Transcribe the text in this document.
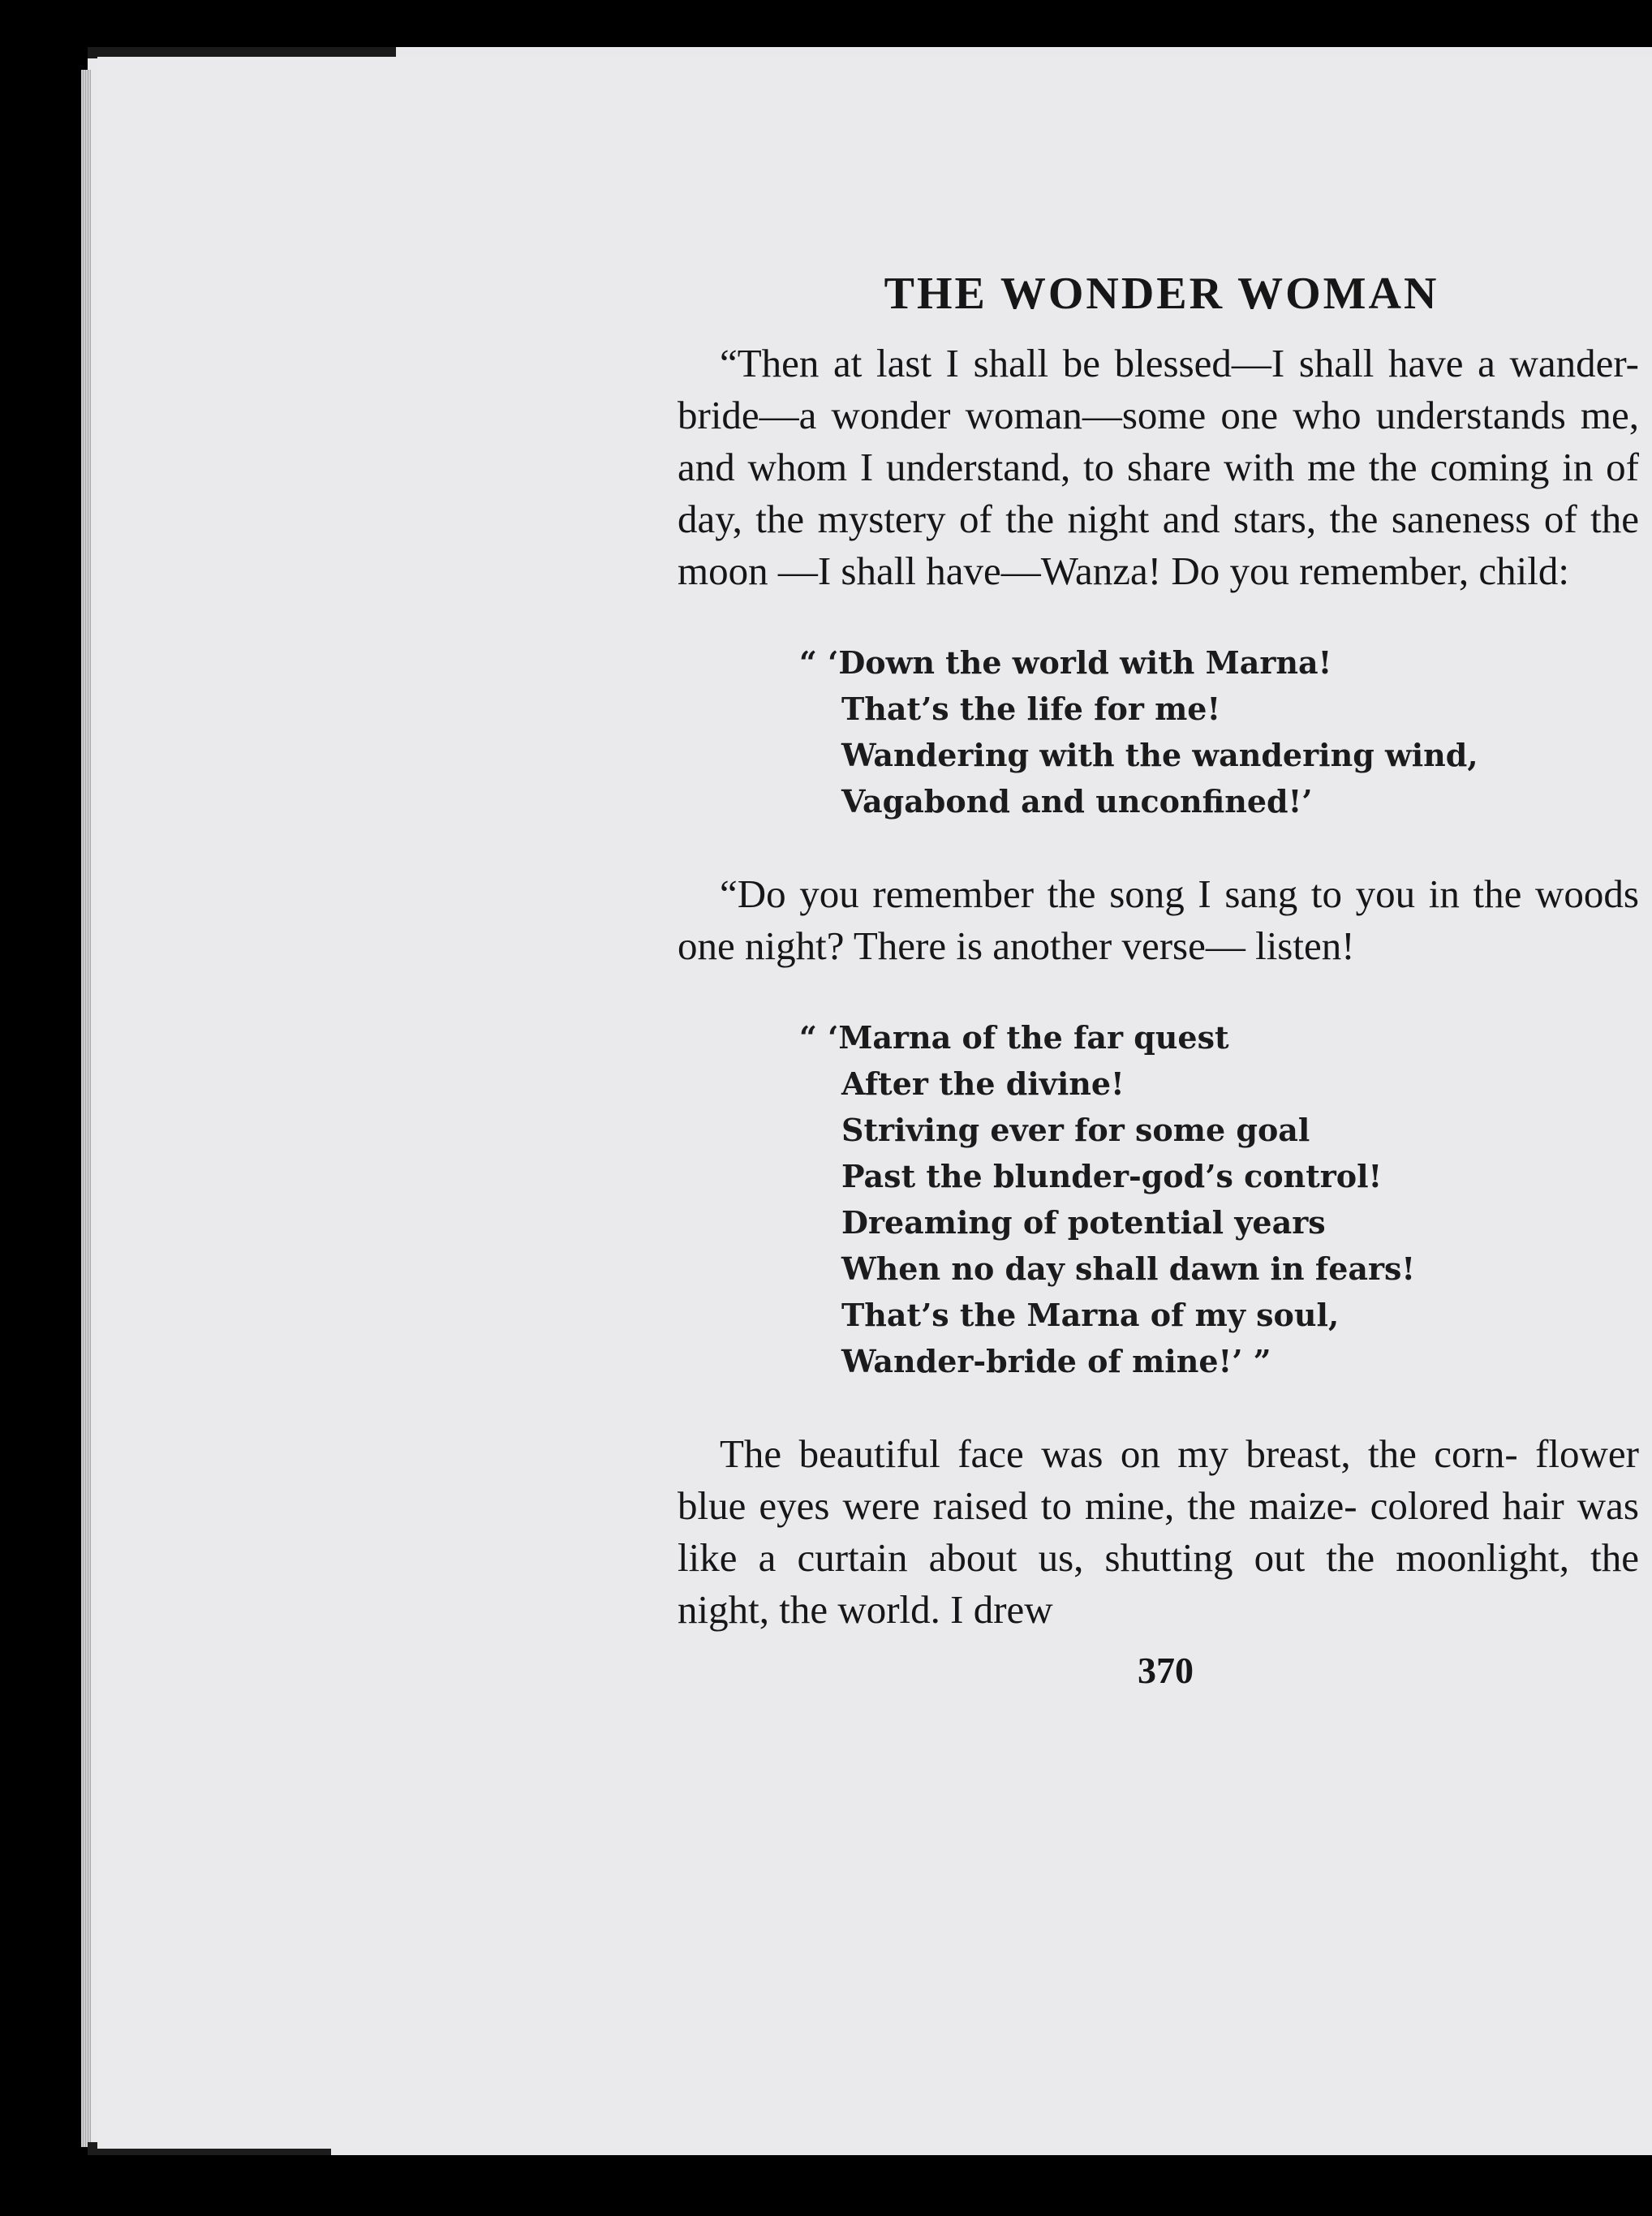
THE WONDER WOMAN

“Then at last I shall be blessed—I shall have a wander-bride—a wonder woman—some one who understands me, and whom I understand, to share with me the coming in of day, the mystery of the night and stars, the saneness of the moon —I shall have—Wanza! Do you remember, child:

“ ‘Down the world with Marna!
That’s the life for me!
Wandering with the wandering wind,
Vagabond and unconfined!’

“Do you remember the song I sang to you in the woods one night? There is another verse— listen!

“ ‘Marna of the far quest
After the divine!
Striving ever for some goal
Past the blunder-god’s control!
Dreaming of potential years
When no day shall dawn in fears!
That’s the Marna of my soul,
Wander-bride of mine!’ ”

The beautiful face was on my breast, the corn- flower blue eyes were raised to mine, the maize- colored hair was like a curtain about us, shutting out the moonlight, the night, the world. I drew

370
